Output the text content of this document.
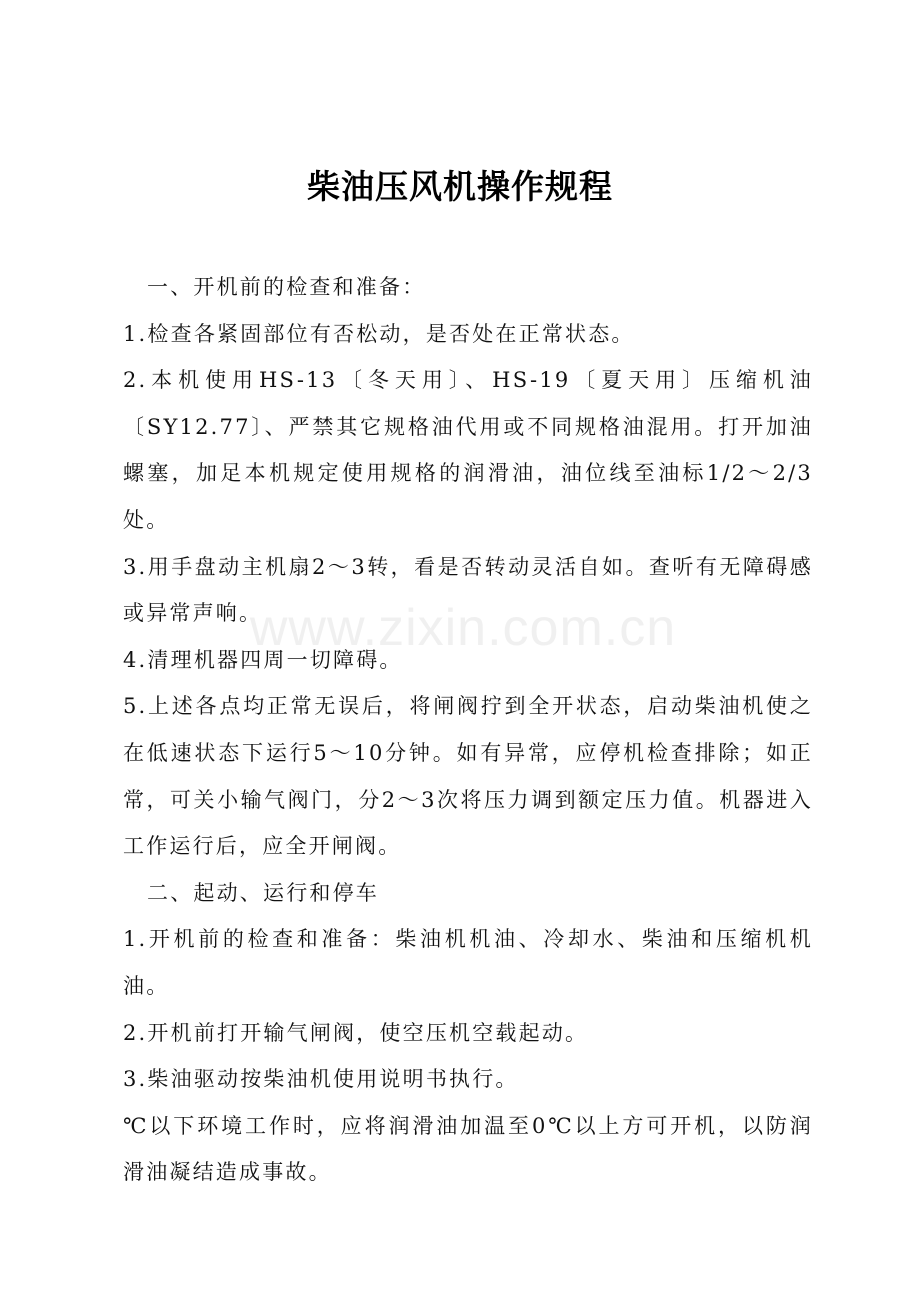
柴油压风机操作规程

一、开机前的检查和准备：

1.检查各紧固部位有否松动，是否处在正常状态。

2.本机使用HS-13〔冬天用〕、HS-19〔夏天用〕压缩机油〔SY12.77〕、严禁其它规格油代用或不同规格油混用。打开加油螺塞，加足本机规定使用规格的润滑油，油位线至油标1/2～2/3处。

3.用手盘动主机扇2～3转，看是否转动灵活自如。查听有无障碍感或异常声响。

4.清理机器四周一切障碍。

5.上述各点均正常无误后，将闸阀拧到全开状态，启动柴油机使之在低速状态下运行5～10分钟。如有异常，应停机检查排除；如正常，可关小输气阀门，分2～3次将压力调到额定压力值。机器进入工作运行后，应全开闸阀。

二、起动、运行和停车

1.开机前的检查和准备：柴油机机油、冷却水、柴油和压缩机机油。

2.开机前打开输气闸阀，使空压机空载起动。

3.柴油驱动按柴油机使用说明书执行。

℃以下环境工作时，应将润滑油加温至0℃以上方可开机，以防润滑油凝结造成事故。

www.zixin.com.cn
